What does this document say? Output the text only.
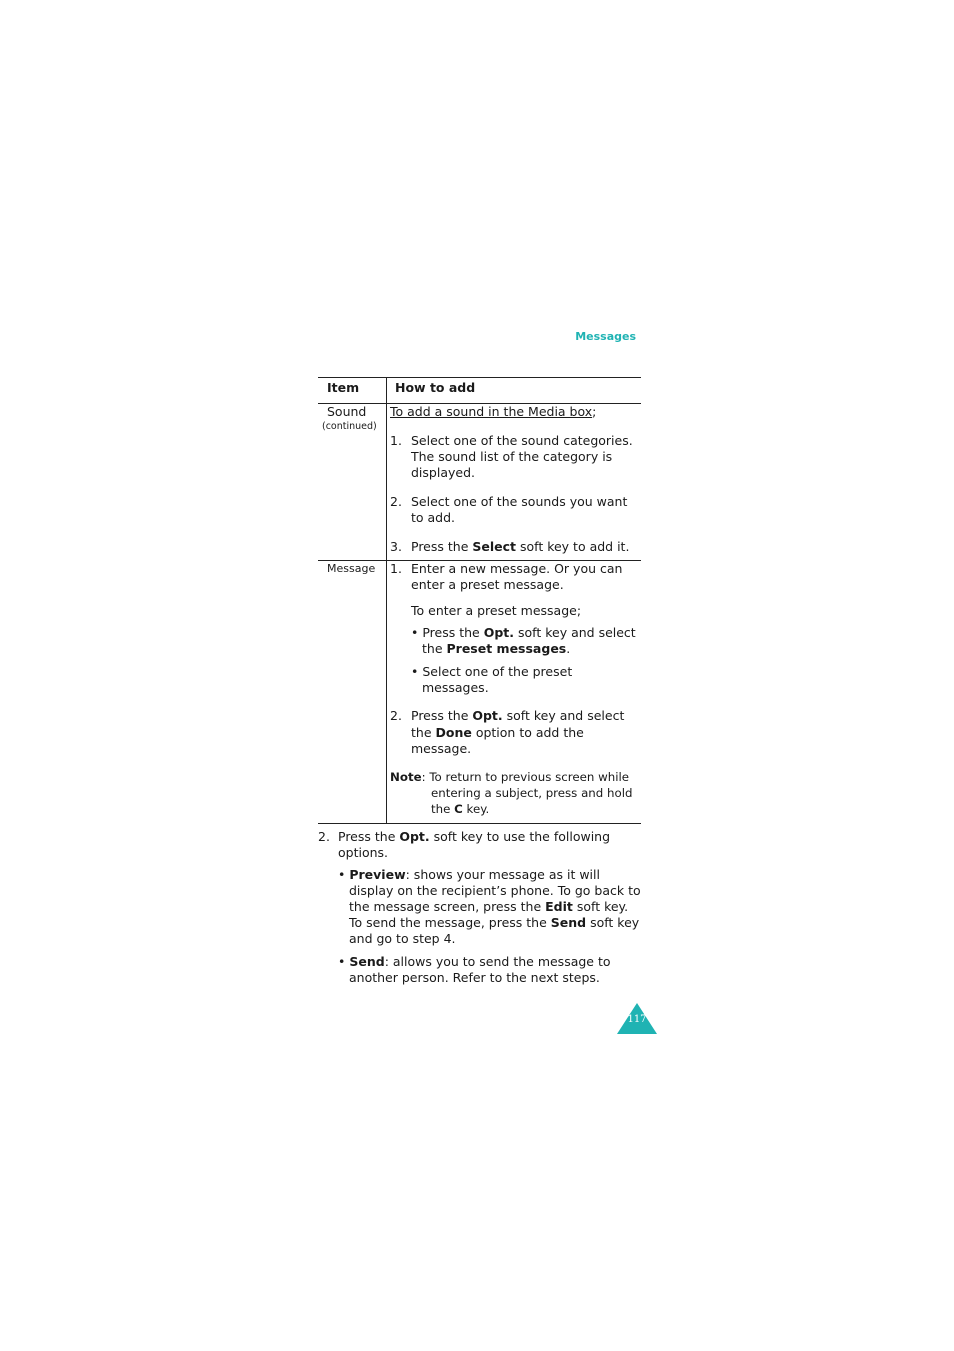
Messages
Item	How to add
Sound
(continued)
To add a sound in the Media box;
1. Select one of the sound categories.
The sound list of the category is
displayed.
2. Select one of the sounds you want
to add.
3. Press the Select soft key to add it.
Message 1. Enter a new message. Or you can
enter a preset message.
To enter a preset message;
• Press the Opt. soft key and select
the Preset messages.
• Select one of the preset
messages.
2. Press the Opt. soft key and select
the Done option to add the
message.
Note: To return to previous screen while
entering a subject, press and hold
the C key.
2. Press the Opt. soft key to use the following
options.
• Preview: shows your message as it will
display on the recipient’s phone. To go back to
the message screen, press the Edit soft key.
To send the message, press the Send soft key
and go to step 4.
• Send: allows you to send the message to
another person. Refer to the next steps.
117
